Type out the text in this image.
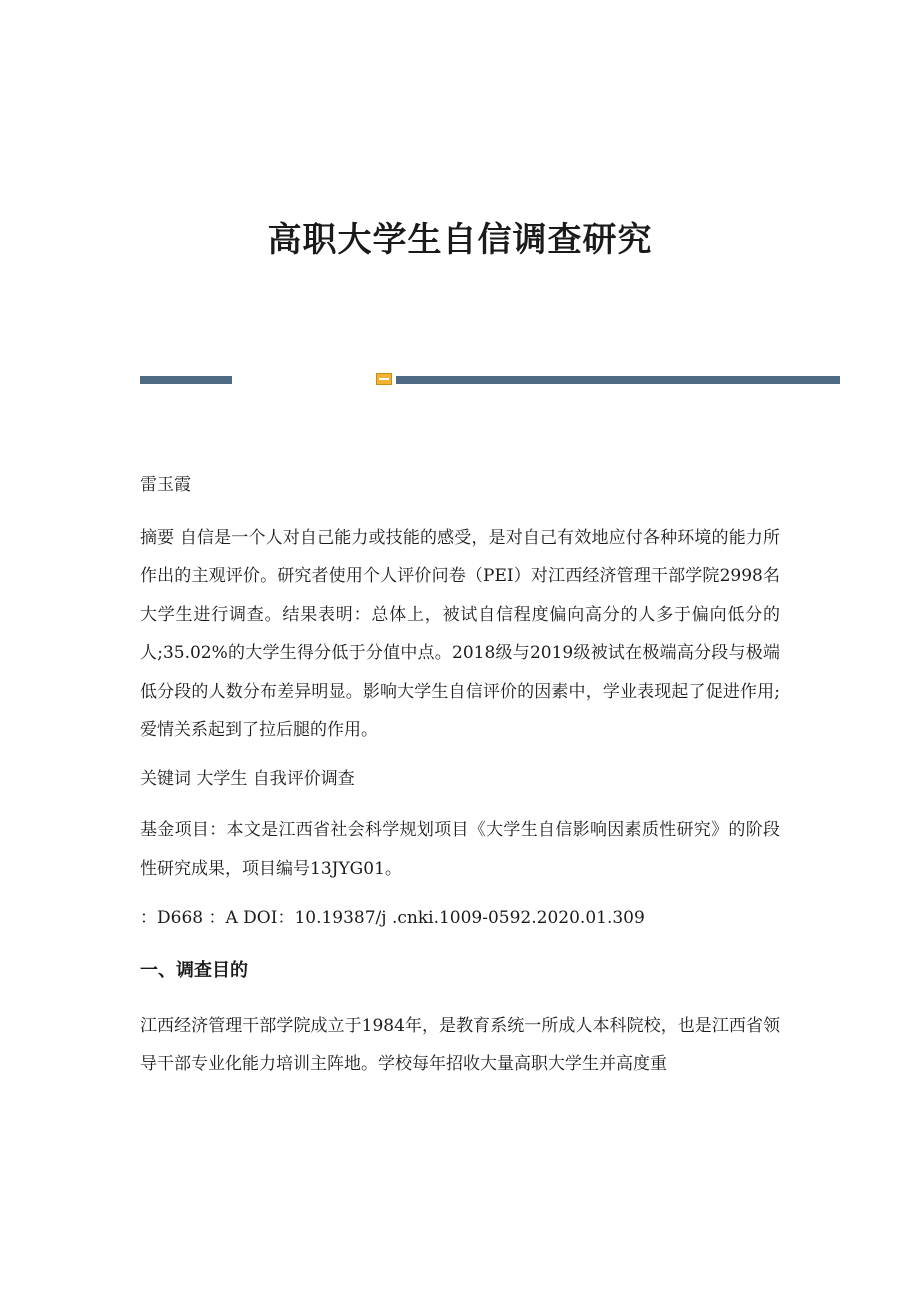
高职大学生自信调查研究

雷玉霞

摘要 自信是一个人对自己能力或技能的感受，是对自己有效地应付各种环境的能力所作出的主观评价。研究者使用个人评价问卷（PEI）对江西经济管理干部学院2998名大学生进行调查。结果表明：总体上，被试自信程度偏向高分的人多于偏向低分的人;35.02%的大学生得分低于分值中点。2018级与2019级被试在极端高分段与极端低分段的人数分布差异明显。影响大学生自信评价的因素中，学业表现起了促进作用;爱情关系起到了拉后腿的作用。

关键词 大学生 自我评价调查

基金项目：本文是江西省社会科学规划项目《大学生自信影响因素质性研究》的阶段性研究成果，项目编号13JYG01。

：D668 ：A DOI：10.19387/j .cnki.1009-0592.2020.01.309

一、调查目的

江西经济管理干部学院成立于1984年，是教育系统一所成人本科院校，也是江西省领导干部专业化能力培训主阵地。学校每年招收大量高职大学生并高度重
